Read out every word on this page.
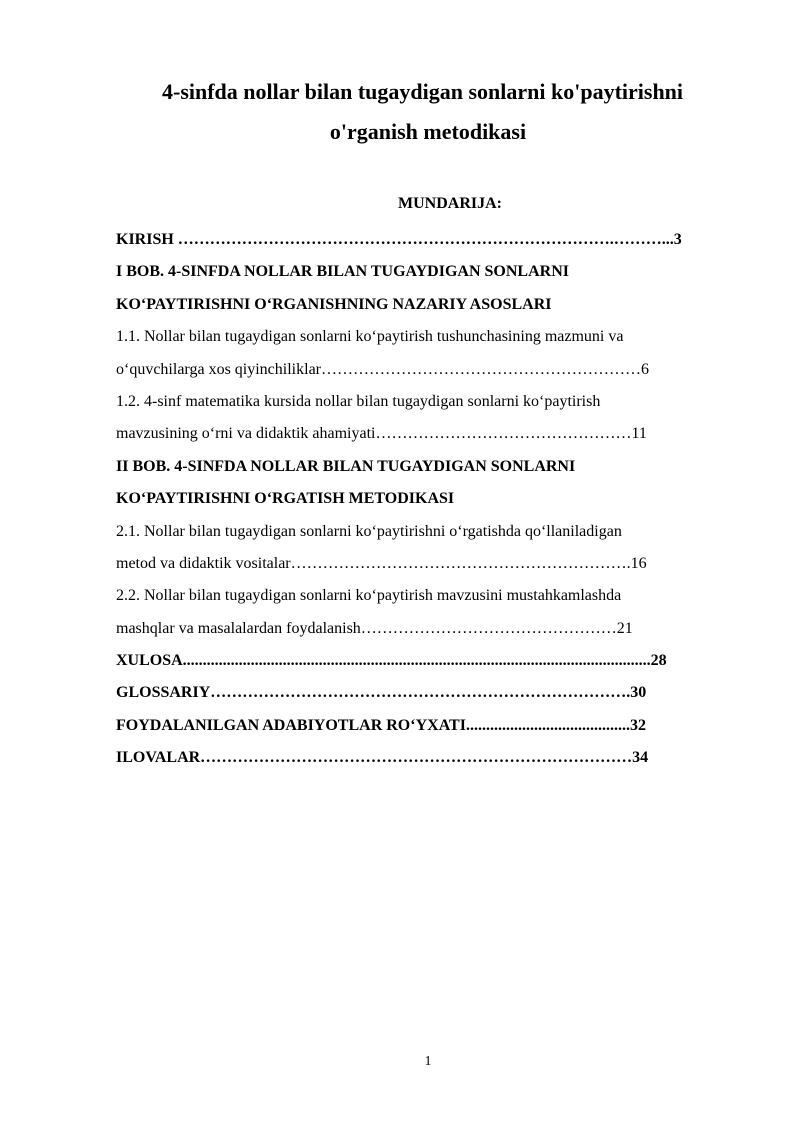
4-sinfda nollar bilan tugaydigan sonlarni ko'paytirishni
o'rganish metodikasi
MUNDARIJA:
KIRISH ……………………………………………………………………….………...3
I BOB. 4-SINFDA NOLLAR BILAN TUGAYDIGAN SONLARNI
KO‘PAYTIRISHNI O‘RGANISHNING NAZARIY ASOSLARI
1.1. Nollar bilan tugaydigan sonlarni ko‘paytirish tushunchasining mazmuni va
o‘quvchilarga xos qiyinchiliklar……………………………………………………6
1.2. 4-sinf matematika kursida nollar bilan tugaydigan sonlarni ko‘paytirish
mavzusining o‘rni va didaktik ahamiyati…………………………………………11
II BOB. 4-SINFDA NOLLAR BILAN TUGAYDIGAN SONLARNI
KO‘PAYTIRISHNI O‘RGATISH METODIKASI
2.1. Nollar bilan tugaydigan sonlarni ko‘paytirishni o‘rgatishda qo‘llaniladigan
metod va didaktik vositalar……………………………………………………….16
2.2. Nollar bilan tugaydigan sonlarni ko‘paytirish mavzusini mustahkamlashda
mashqlar va masalalardan foydalanish…………………………………………21
XULOSA.....................................................................................................................28
GLOSSARIY…………………………………………………………………….30
FOYDALANILGAN ADABIYOTLAR RO‘YXATI.........................................32
ILOVALAR………………………………………………………………………34
1
